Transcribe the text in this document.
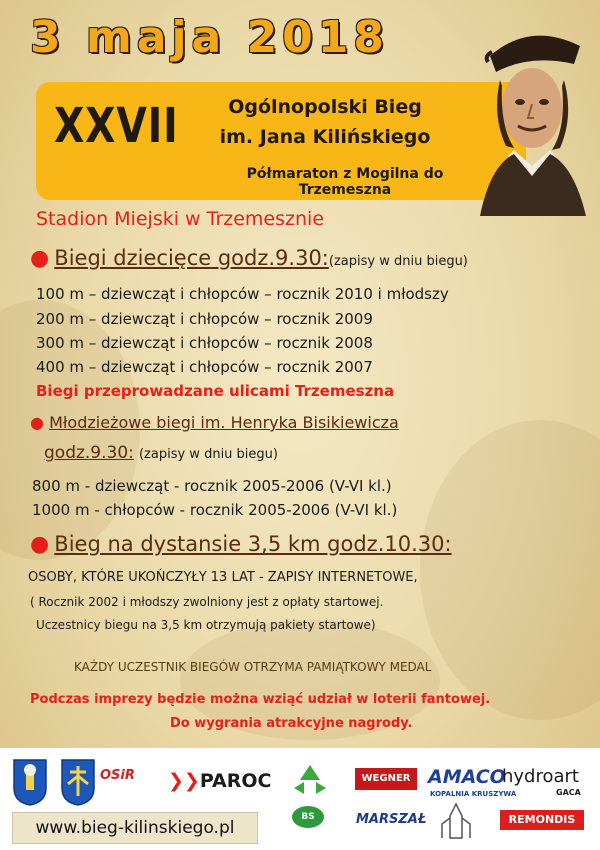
3 maja 2018
XXVII	Ogólnopolski Bieg
im. Jana Kilińskiego
Półmaraton z Mogilna do Trzemeszna
Stadion Miejski w Trzemesznie
● Biegi dziecięce godz.9.30:(zapisy w dniu biegu)
100 m – dziewcząt i chłopców – rocznik 2010 i młodszy
200 m – dziewcząt i chłopców – rocznik 2009
300 m – dziewcząt i chłopców – rocznik 2008
400 m – dziewcząt i chłopców – rocznik 2007
Biegi przeprowadzane ulicami Trzemeszna
● Młodzieżowe biegi im. Henryka Bisikiewicza
godz.9.30: (zapisy w dniu biegu)
800 m - dziewcząt - rocznik 2005-2006 (V-VI kl.)
1000 m - chłopców - rocznik 2005-2006 (V-VI kl.)
● Bieg na dystansie 3,5 km godz.10.30:
OSOBY, KTÓRE UKOŃCZYŁY 13 LAT - ZAPISY INTERNETOWE,
( Rocznik 2002 i młodszy zwolniony jest z opłaty startowej.
Uczestnicy biegu na 3,5 km otrzymują pakiety startowe)
KAŻDY UCZESTNIK BIEGÓW OTRZYMA PAMIĄTKOWY MEDAL
Podczas imprezy będzie można wziąć udział w loterii fantowej.
Do wygrania atrakcyjne nagrody.
OSiR	❯❯PAROC	WEGNER AMACO
KOPALNIA KRUSZYWA
hydroart
GACA
www.bieg-kilinskiego.pl
BS	MARSZAŁ	REMONDIS
